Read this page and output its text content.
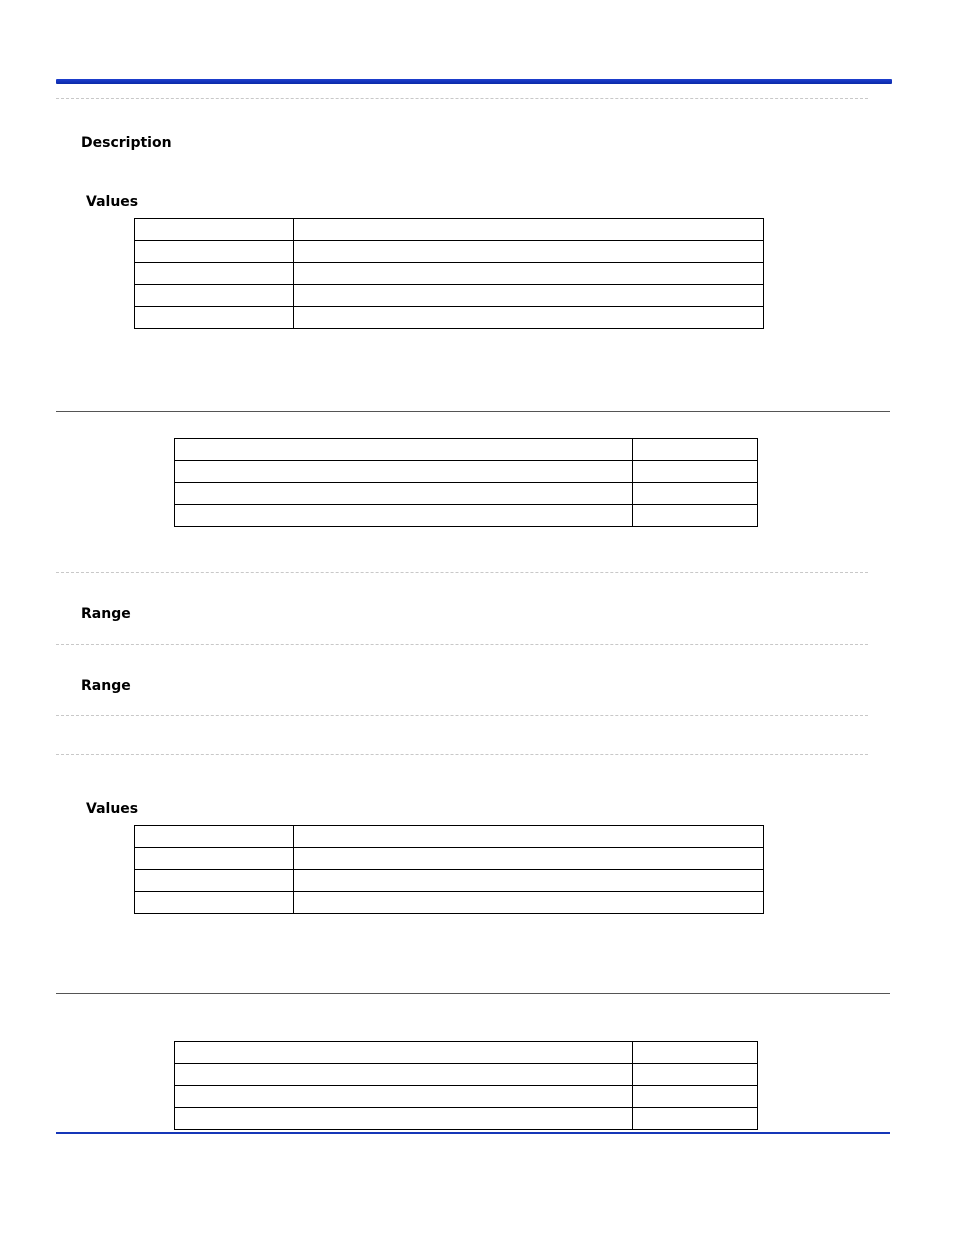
Description
Values

Range
Range
Values
